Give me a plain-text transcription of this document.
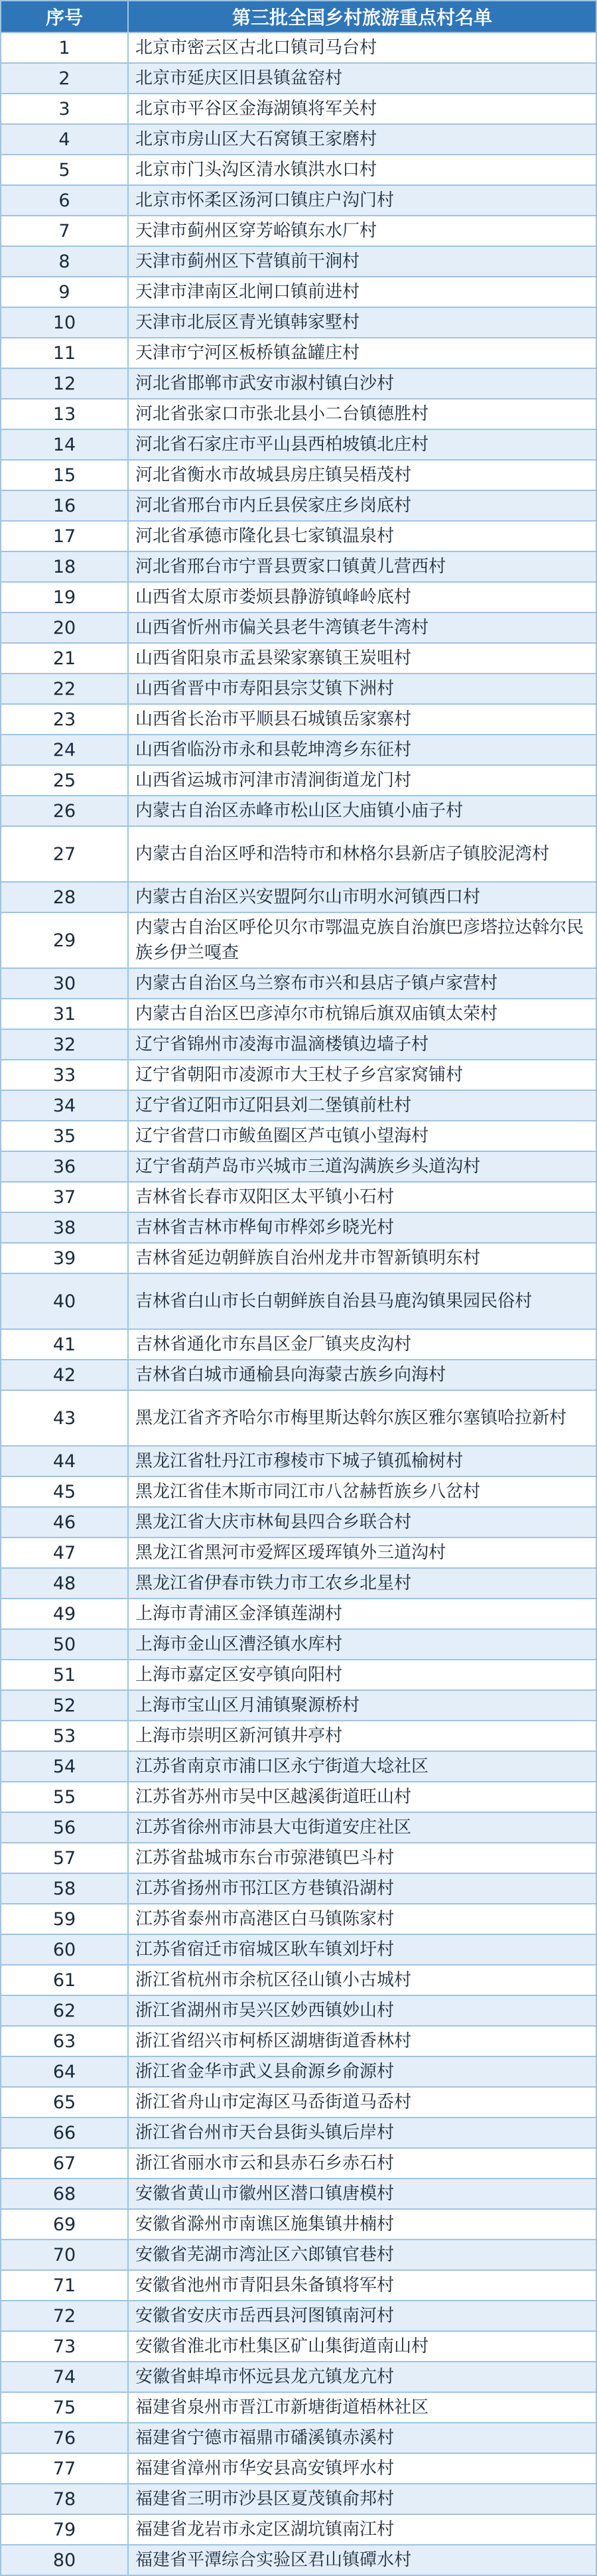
序号	第三批全国乡村旅游重点村名单
1	北京市密云区古北口镇司马台村
2	北京市延庆区旧县镇盆窑村
3	北京市平谷区金海湖镇将军关村
4	北京市房山区大石窝镇王家磨村
5	北京市门头沟区清水镇洪水口村
6	北京市怀柔区汤河口镇庄户沟门村
7	天津市蓟州区穿芳峪镇东水厂村
8	天津市蓟州区下营镇前干涧村
9	天津市津南区北闸口镇前进村
10	天津市北辰区青光镇韩家墅村
11	天津市宁河区板桥镇盆罐庄村
12	河北省邯郸市武安市淑村镇白沙村
13	河北省张家口市张北县小二台镇德胜村
14	河北省石家庄市平山县西柏坡镇北庄村
15	河北省衡水市故城县房庄镇吴梧茂村
16	河北省邢台市内丘县侯家庄乡岗底村
17	河北省承德市隆化县七家镇温泉村
18	河北省邢台市宁晋县贾家口镇黄儿营西村
19	山西省太原市娄烦县静游镇峰岭底村
20	山西省忻州市偏关县老牛湾镇老牛湾村
21	山西省阳泉市孟县梁家寨镇王炭咀村
22	山西省晋中市寿阳县宗艾镇下洲村
23	山西省长治市平顺县石城镇岳家寨村
24	山西省临汾市永和县乾坤湾乡东征村
25	山西省运城市河津市清涧街道龙门村
26	内蒙古自治区赤峰市松山区大庙镇小庙子村
27	内蒙古自治区呼和浩特市和林格尔县新店子镇胶泥湾村
28	内蒙古自治区兴安盟阿尔山市明水河镇西口村
29	内蒙古自治区呼伦贝尔市鄂温克族自治旗巴彦塔拉达斡尔民族乡伊兰嘎查
30	内蒙古自治区乌兰察布市兴和县店子镇卢家营村
31	内蒙古自治区巴彦淖尔市杭锦后旗双庙镇太荣村
32	辽宁省锦州市凌海市温滴楼镇边墙子村
33	辽宁省朝阳市凌源市大王杖子乡宫家窝铺村
34	辽宁省辽阳市辽阳县刘二堡镇前杜村
35	辽宁省营口市鲅鱼圈区芦屯镇小望海村
36	辽宁省葫芦岛市兴城市三道沟满族乡头道沟村
37	吉林省长春市双阳区太平镇小石村
38	吉林省吉林市桦甸市桦郊乡晓光村
39	吉林省延边朝鲜族自治州龙井市智新镇明东村
40	吉林省白山市长白朝鲜族自治县马鹿沟镇果园民俗村
41	吉林省通化市东昌区金厂镇夹皮沟村
42	吉林省白城市通榆县向海蒙古族乡向海村
43	黑龙江省齐齐哈尔市梅里斯达斡尔族区雅尔塞镇哈拉新村
44	黑龙江省牡丹江市穆棱市下城子镇孤榆树村
45	黑龙江省佳木斯市同江市八岔赫哲族乡八岔村
46	黑龙江省大庆市林甸县四合乡联合村
47	黑龙江省黑河市爱辉区瑷珲镇外三道沟村
48	黑龙江省伊春市铁力市工农乡北星村
49	上海市青浦区金泽镇莲湖村
50	上海市金山区漕泾镇水库村
51	上海市嘉定区安亭镇向阳村
52	上海市宝山区月浦镇聚源桥村
53	上海市崇明区新河镇井亭村
54	江苏省南京市浦口区永宁街道大埝社区
55	江苏省苏州市吴中区越溪街道旺山村
56	江苏省徐州市沛县大屯街道安庄社区
57	江苏省盐城市东台市弶港镇巴斗村
58	江苏省扬州市邗江区方巷镇沿湖村
59	江苏省泰州市高港区白马镇陈家村
60	江苏省宿迁市宿城区耿车镇刘圩村
61	浙江省杭州市余杭区径山镇小古城村
62	浙江省湖州市吴兴区妙西镇妙山村
63	浙江省绍兴市柯桥区湖塘街道香林村
64	浙江省金华市武义县俞源乡俞源村
65	浙江省舟山市定海区马岙街道马岙村
66	浙江省台州市天台县街头镇后岸村
67	浙江省丽水市云和县赤石乡赤石村
68	安徽省黄山市徽州区潜口镇唐模村
69	安徽省滁州市南谯区施集镇井楠村
70	安徽省芜湖市湾沚区六郎镇官巷村
71	安徽省池州市青阳县朱备镇将军村
72	安徽省安庆市岳西县河图镇南河村
73	安徽省淮北市杜集区矿山集街道南山村
74	安徽省蚌埠市怀远县龙亢镇龙亢村
75	福建省泉州市晋江市新塘街道梧林社区
76	福建省宁德市福鼎市磻溪镇赤溪村
77	福建省漳州市华安县高安镇坪水村
78	福建省三明市沙县区夏茂镇俞邦村
79	福建省龙岩市永定区湖坑镇南江村
80	福建省平潭综合实验区君山镇磹水村
